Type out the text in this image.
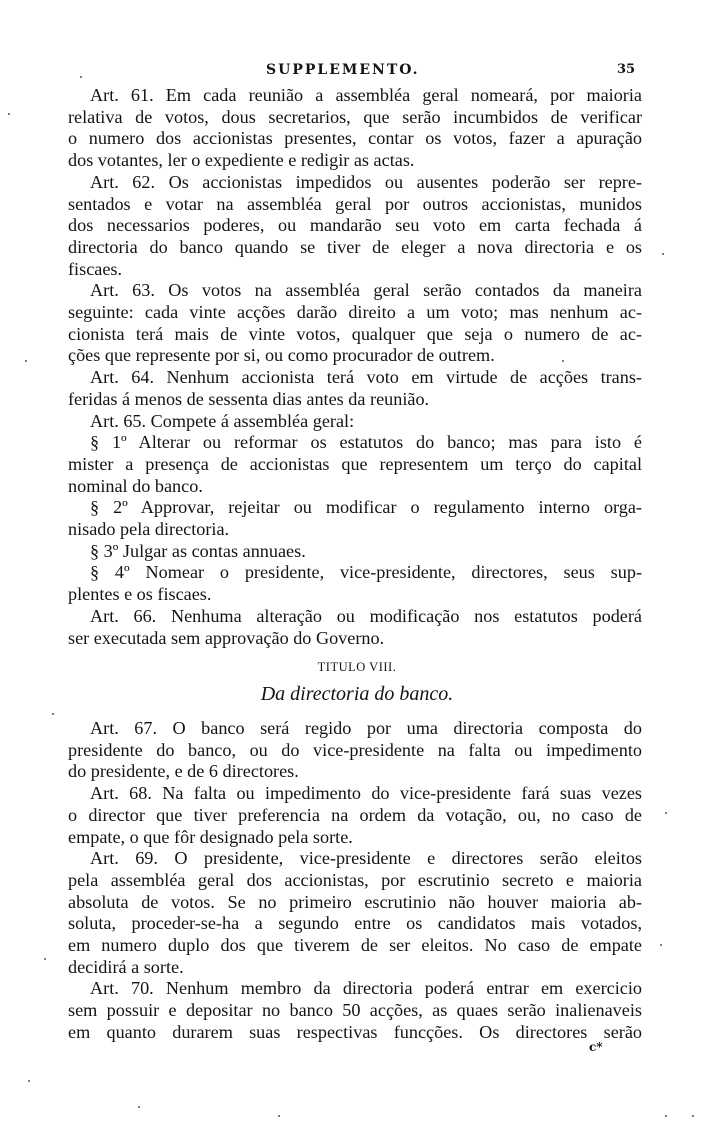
SUPPLEMENTO.	35
Art. 61. Em cada reunião a assembléa geral nomeará, por maioria
relativa de votos, dous secretarios, que serão incumbidos de verificar
o numero dos accionistas presentes, contar os votos, fazer a apuração
dos votantes, ler o expediente e redigir as actas.
Art. 62. Os accionistas impedidos ou ausentes poderão ser repre-
sentados e votar na assembléa geral por outros accionistas, munidos
dos necessarios poderes, ou mandarão seu voto em carta fechada á
directoria do banco quando se tiver de eleger a nova directoria e os
fiscaes.
Art. 63. Os votos na assembléa geral serão contados da maneira
seguinte: cada vinte acções darão direito a um voto; mas nenhum ac-
cionista terá mais de vinte votos, qualquer que seja o numero de ac-
ções que represente por si, ou como procurador de outrem.
Art. 64. Nenhum accionista terá voto em virtude de acções trans-
feridas á menos de sessenta dias antes da reunião.
Art. 65. Compete á assembléa geral:
§ 1º Alterar ou reformar os estatutos do banco; mas para isto é
mister a presença de accionistas que representem um terço do capital
nominal do banco.
§ 2º Approvar, rejeitar ou modificar o regulamento interno orga-
nisado pela directoria.
§ 3º Julgar as contas annuaes.
§ 4º Nomear o presidente, vice-presidente, directores, seus sup-
plentes e os fiscaes.
Art. 66. Nenhuma alteração ou modificação nos estatutos poderá
ser executada sem approvação do Governo.
TITULO VIII.
Da directoria do banco.
Art. 67. O banco será regido por uma directoria composta do
presidente do banco, ou do vice-presidente na falta ou impedimento
do presidente, e de 6 directores.
Art. 68. Na falta ou impedimento do vice-presidente fará suas vezes
o director que tiver preferencia na ordem da votação, ou, no caso de
empate, o que fôr designado pela sorte.
Art. 69. O presidente, vice-presidente e directores serão eleitos
pela assembléa geral dos accionistas, por escrutinio secreto e maioria
absoluta de votos. Se no primeiro escrutinio não houver maioria ab-
soluta, proceder-se-ha a segundo entre os candidatos mais votados,
em numero duplo dos que tiverem de ser eleitos. No caso de empate
decidirá a sorte.
Art. 70. Nenhum membro da directoria poderá entrar em exercicio
sem possuir e depositar no banco 50 acções, as quaes serão inalienaveis
em quanto durarem suas respectivas funcções. Os directores serão
c*
